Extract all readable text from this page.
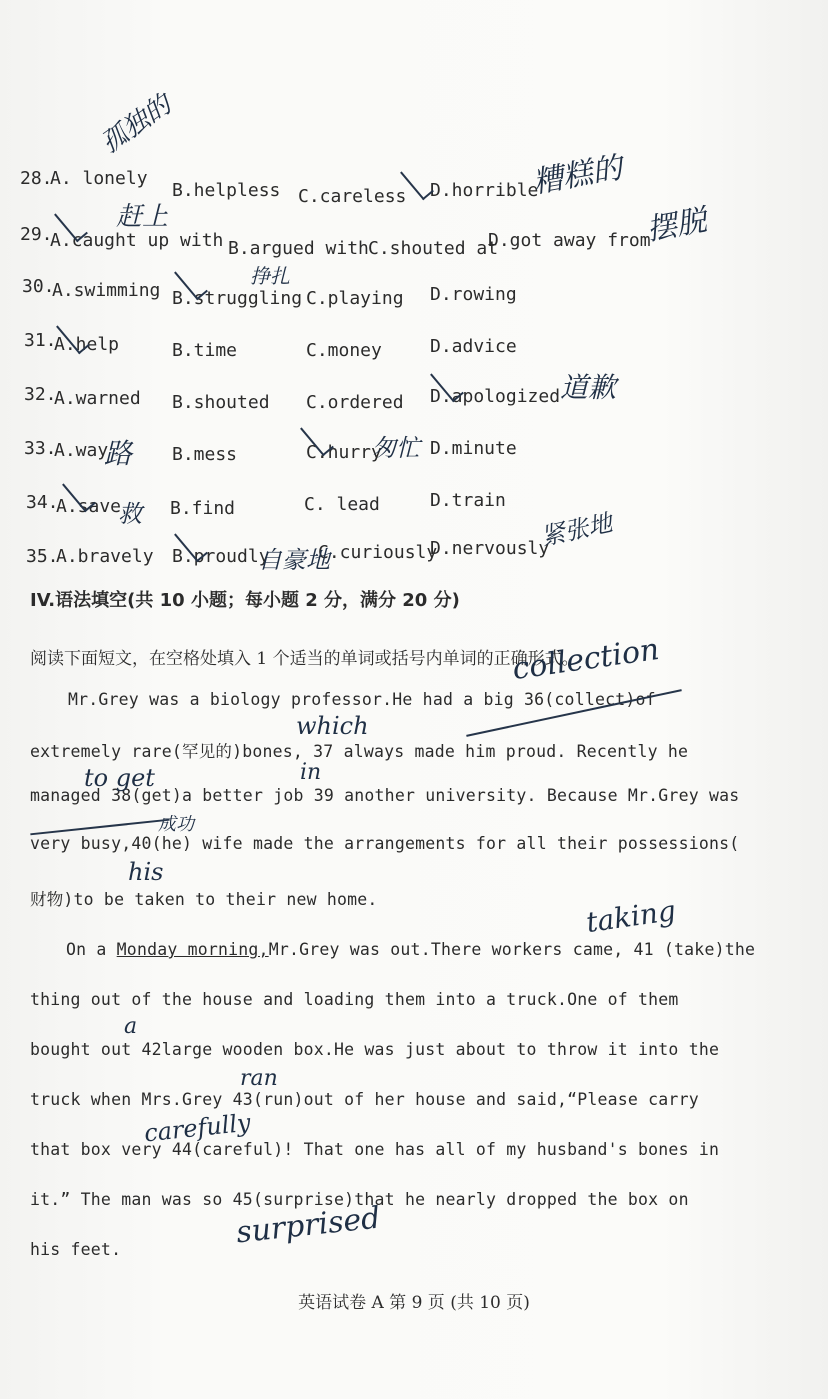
28.
A. lonely
B.helpless C.careless D.horrible
29.
A.caught up with B.argued with C.shouted at
D.got away from
30.
A.swimming B.struggling C.playing D.rowing
31.
A.help	B.time	C.money	D.advice
32.
A.warned B.shouted C.ordered D.apologized
33.
A.way	B.mess	C.hurry	D.minute
34.
A.save	B.find	C. lead	D.train
35.
A.bravely B.proudly	C.curiously
D.nervously
孤独的
糟糕的
赶上	摆脱
挣扎
道歉
路	匆忙
救
自豪地
紧张地
IV.语法填空(共 10 小题；每小题 2 分，满分 20 分)
阅读下面短文，在空格处填入 1 个适当的单词或括号内单词的正确形式。
Mr.Grey was a biology professor.He had a big 36(collect)of
extremely rare(罕见的)bones, 37 always made him proud. Recently he
managed 38(get)a better job 39 another university. Because Mr.Grey was
very busy,40(he) wife made the arrangements for all their possessions(
财物)to be taken to their new home.
On a Monday morning,Mr.Grey was out.There workers came, 41 (take)the
thing out of the house and loading them into a truck.One of them
bought out 42large wooden box.He was just about to throw it into the
truck when Mrs.Grey 43(run)out of her house and said,“Please carry
that box very 44(careful)! That one has all of my husband's bones in
it.” The man was so 45(surprise)that he nearly dropped the box on
his feet.
collection
which
to get
成功
in
his
taking
a
ran
carefully
surprised
英语试卷 A 第 9 页 (共 10 页)
